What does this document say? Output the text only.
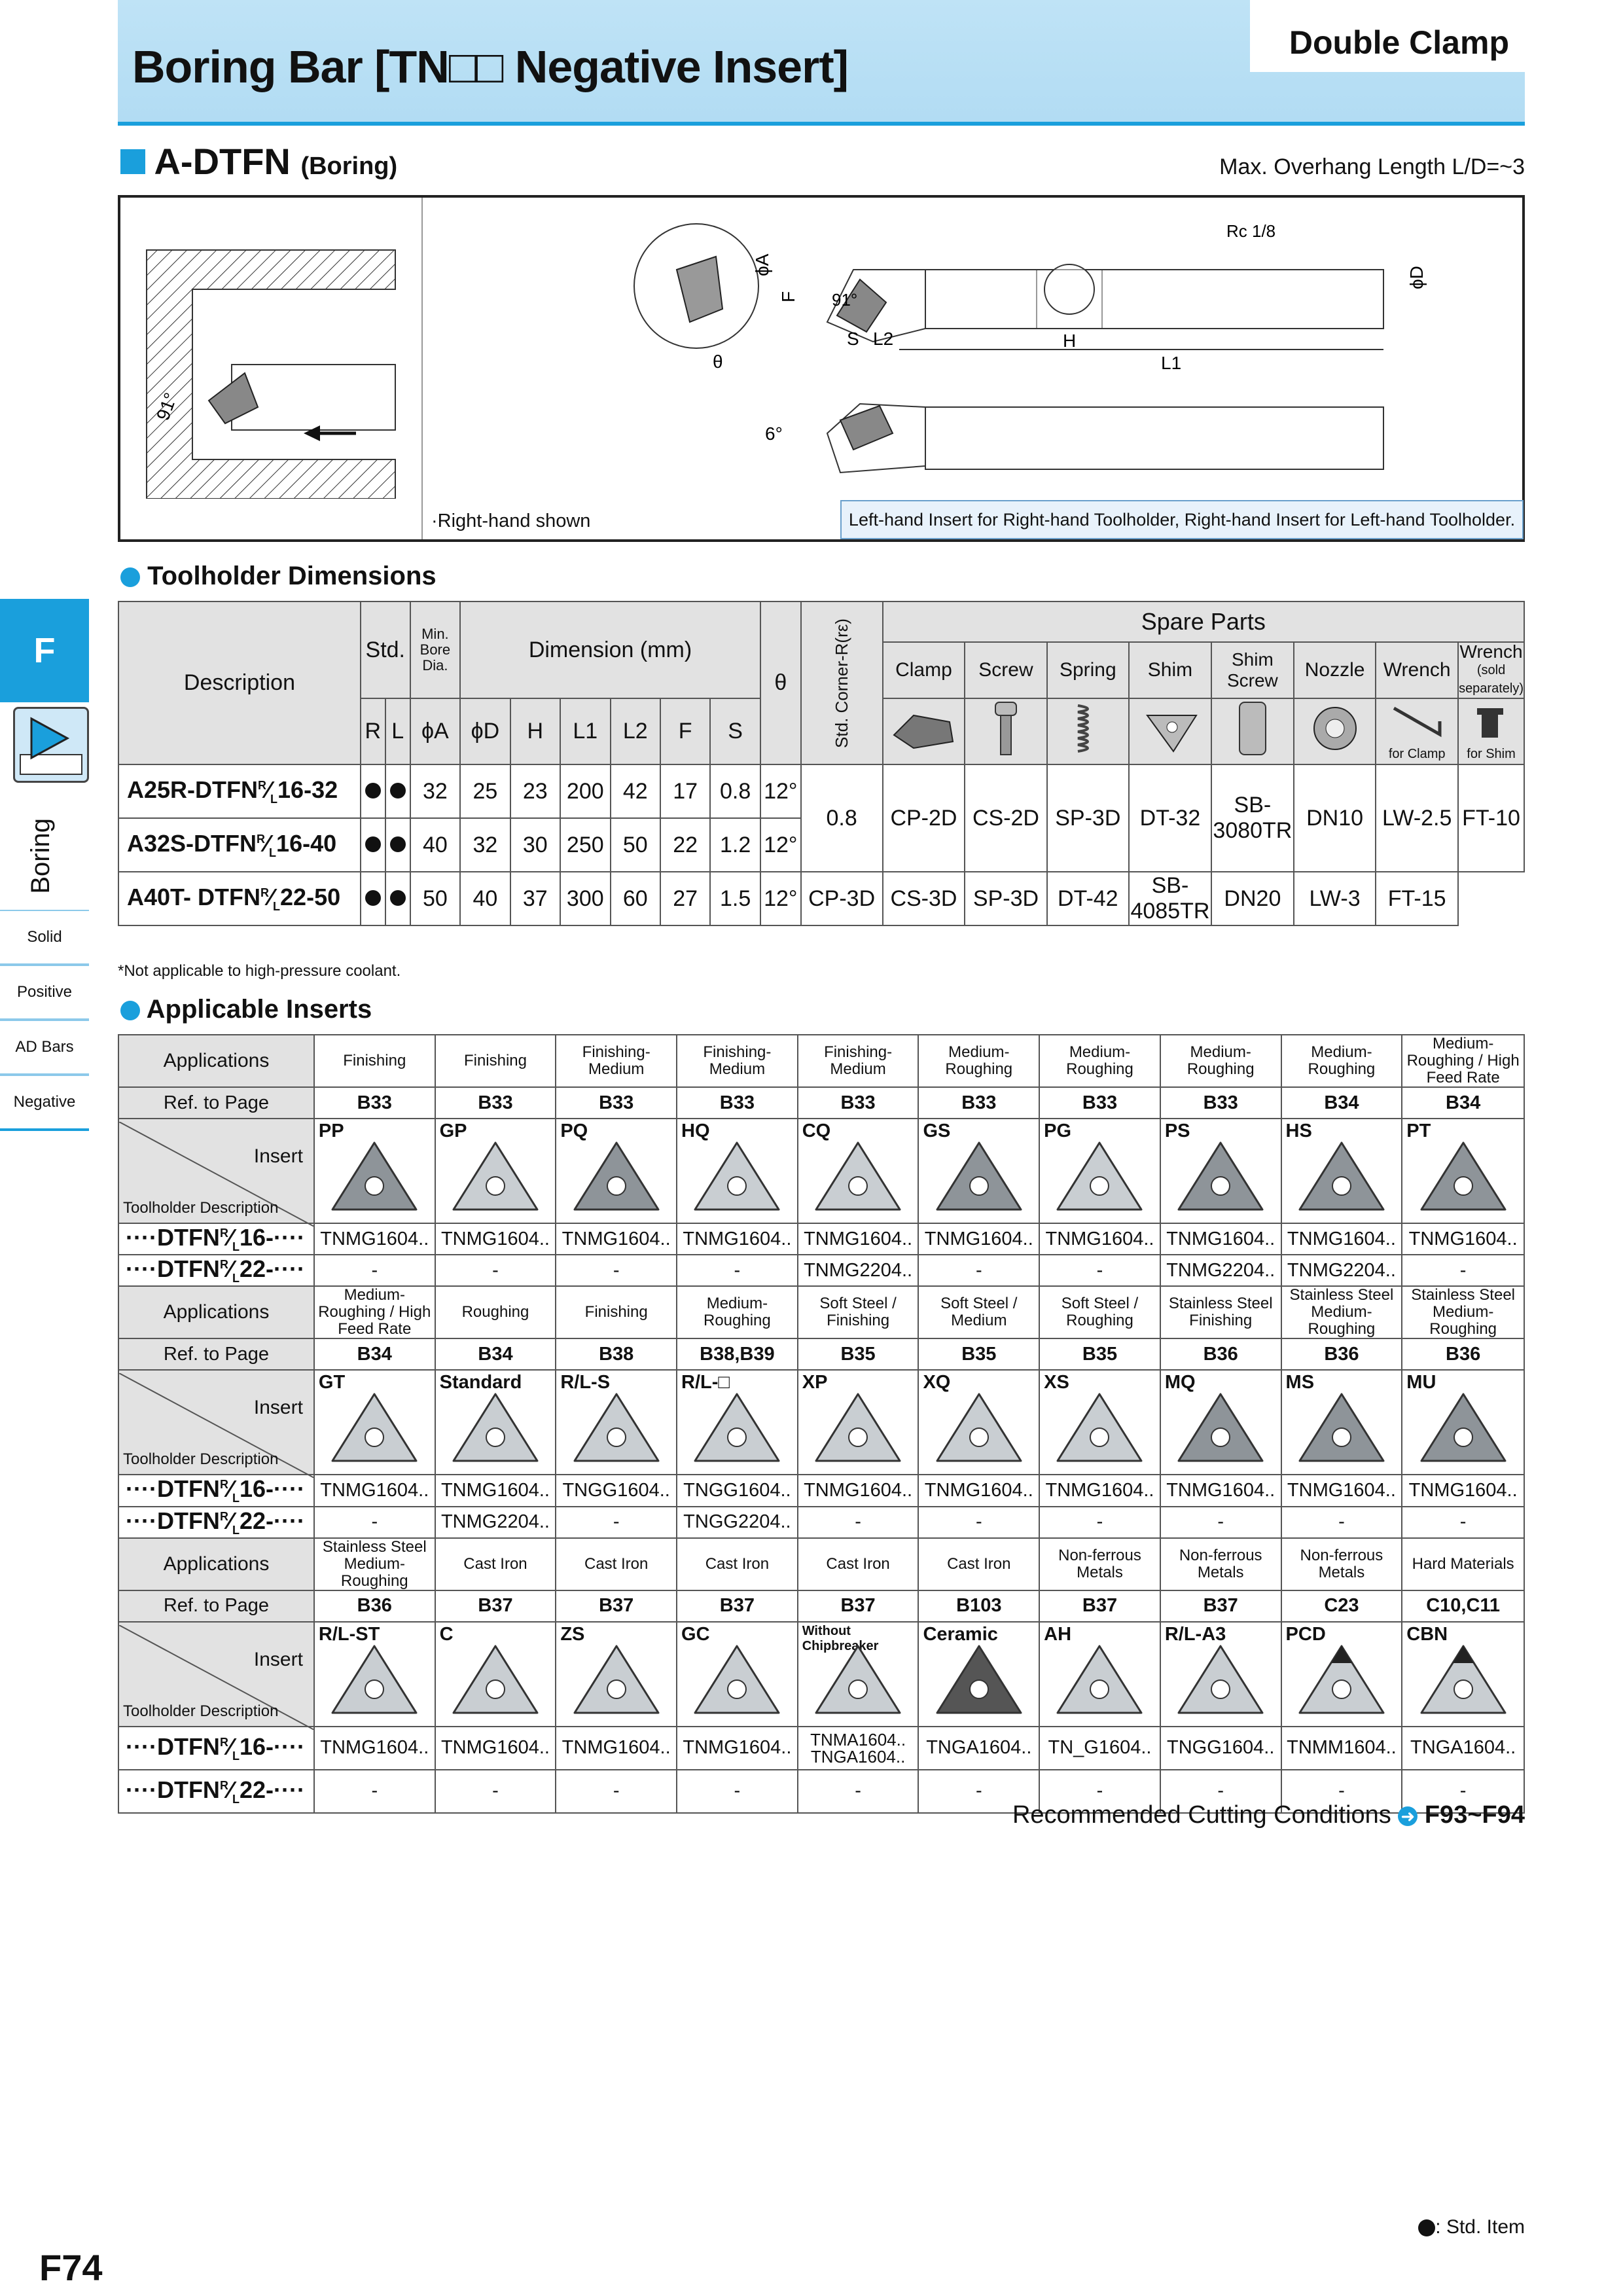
Boring Bar [TN□□ Negative Insert]	Double Clamp
A-DTFN (Boring)	Max. Overhang Length L/D=~3
91°
θ
ϕA
F
Rc 1/8
L1
L2
S	H
91°
ϕD
6°
·Right-hand shown	Left-hand Insert for Right-hand Toolholder, Right-hand Insert for Left-hand Toolholder.
F
Boring
Solid
Positive
AD Bars
Negative
Toolholder Dimensions
Description	Std.		Min. Bore Dia.	Dimension (mm)						θ	Std. Corner-R(rε)	Spare Parts							
												Clamp	Screw	Spring	Shim	Shim Screw	Nozzle	Wrench	Wrench
(sold separately)

	R	L	ϕA	ϕD	H	L1	L2	F	S									for Clamp	for Shim

$A25R-DTFN^R⁄_L16-32$			32	25	23	200	42	17	0.8	12°	0.8	CP-2D	CS-2D	SP-3D	DT-32	SB-3080TR	DN10	LW-2.5	FT-10
$A32S-DTFN^R⁄_L16-40$			40	32	30	250	50	22	1.2	12°									
A40T- $DTFN^R⁄_L22-50$			50	40	37	300	60	27	1.5	12°	CP-3D	CS-3D	SP-3D	DT-42	SB-4085TR	DN20	LW-3	FT-15	
*Not applicable to high-pressure coolant.
Applicable Inserts
Applications	Finishing	Finishing	Finishing-Medium	Finishing-Medium	Finishing-Medium	Medium-Roughing	Medium-Roughing	Medium-Roughing	Medium-Roughing	Medium-Roughing / High Feed Rate
Ref. to Page	B33	B33	B33	B33	B33	B33	B33	B33	B34	B34

Insert
Toolholder Description	PP	GP	PQ	HQ	CQ	GS	PG	PS	HS	PT

$\cdot\cdot\cdot\cdot DTFN^R⁄_L16-\cdot\cdot\cdot\cdot$	TNMG1604..	TNMG1604..	TNMG1604..	TNMG1604..	TNMG1604..	TNMG1604..	TNMG1604..	TNMG1604..	TNMG1604..	TNMG1604..
$\cdot\cdot\cdot\cdot DTFN^R⁄_L22-\cdot\cdot\cdot\cdot$	-	-	-	-	TNMG2204..	-	-	TNMG2204..	TNMG2204..	-
Applications	Medium-Roughing / High Feed Rate	Roughing	Finishing	Medium-Roughing	Soft Steel / Finishing	Soft Steel / Medium	Soft Steel / Roughing	Stainless Steel Finishing	Stainless Steel Medium-Roughing	Stainless Steel Medium-Roughing
Ref. to Page	B34	B34	B38	B38,B39	B35	B35	B35	B36	B36	B36

Insert
Toolholder Description	GT	Standard	R/L-S	R/L-□	XP	XQ	XS	MQ	MS	MU

$\cdot\cdot\cdot\cdot DTFN^R⁄_L16-\cdot\cdot\cdot\cdot$	TNMG1604..	TNMG1604..	TNGG1604..	TNGG1604..	TNMG1604..	TNMG1604..	TNMG1604..	TNMG1604..	TNMG1604..	TNMG1604..
$\cdot\cdot\cdot\cdot DTFN^R⁄_L22-\cdot\cdot\cdot\cdot$	-	TNMG2204..	-	TNGG2204..	-	-	-	-	-	-
Applications	Stainless Steel Medium-Roughing	Cast Iron	Cast Iron	Cast Iron	Cast Iron	Cast Iron	Non-ferrous Metals	Non-ferrous Metals	Non-ferrous Metals	Hard Materials
Ref. to Page	B36	B37	B37	B37	B37	B103	B37	B37	C23	C10,C11

Insert
Toolholder Description	R/L-ST	C	ZS	GC	Without Chipbreaker	Ceramic	AH	R/L-A3	PCD	CBN

$\cdot\cdot\cdot\cdot DTFN^R⁄_L16-\cdot\cdot\cdot\cdot$	TNMG1604..	TNMG1604..	TNMG1604..	TNMG1604..	TNMA1604.. TNGA1604..	TNGA1604..	TN_G1604..	TNGG1604..	TNMM1604..	TNGA1604..
$\cdot\cdot\cdot\cdot DTFN^R⁄_L22-\cdot\cdot\cdot\cdot$	-	-	-	-	-	-	-	-	-	-
Recommended Cutting Conditions ➜ F93~F94
: Std. Item
F74
